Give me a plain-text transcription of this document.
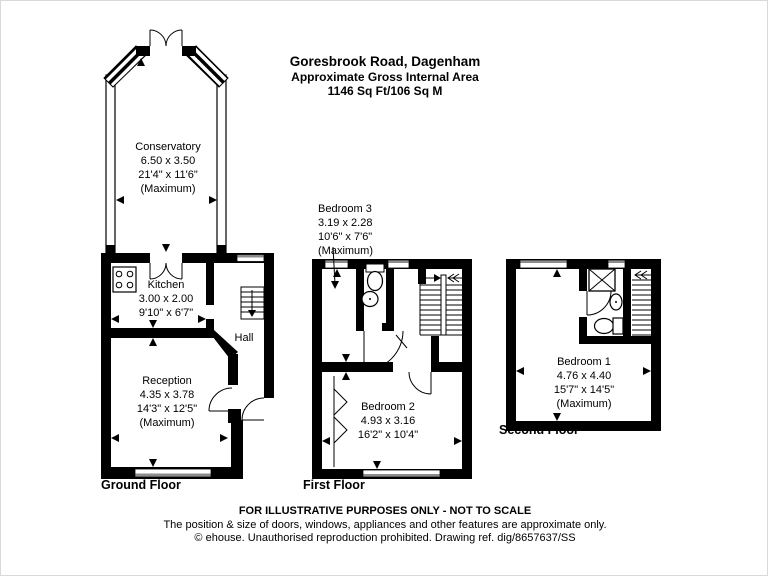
Goresbrook Road, Dagenham
Approximate Gross Internal Area
1146 Sq Ft/106 Sq M
Conservatory
6.50 x 3.50
21'4" x 11'6"
(Maximum)
Kitchen
3.00 x 2.00
9'10" x 6'7"
Hall
Reception
4.35 x 3.78
14'3" x 12'5"
(Maximum)
Bedroom 3
3.19 x 2.28
10'6" x 7'6"
(Maximum)
Bedroom 2
4.93 x 3.16
16'2" x 10'4"
Bedroom 1
4.76 x 4.40
15'7" x 14'5"
(Maximum)
Ground Floor	First Floor
Second Floor
FOR ILLUSTRATIVE PURPOSES ONLY - NOT TO SCALE
The position & size of doors, windows, appliances and other features are approximate only.
© ehouse. Unauthorised reproduction prohibited. Drawing ref. dig/8657637/SS
